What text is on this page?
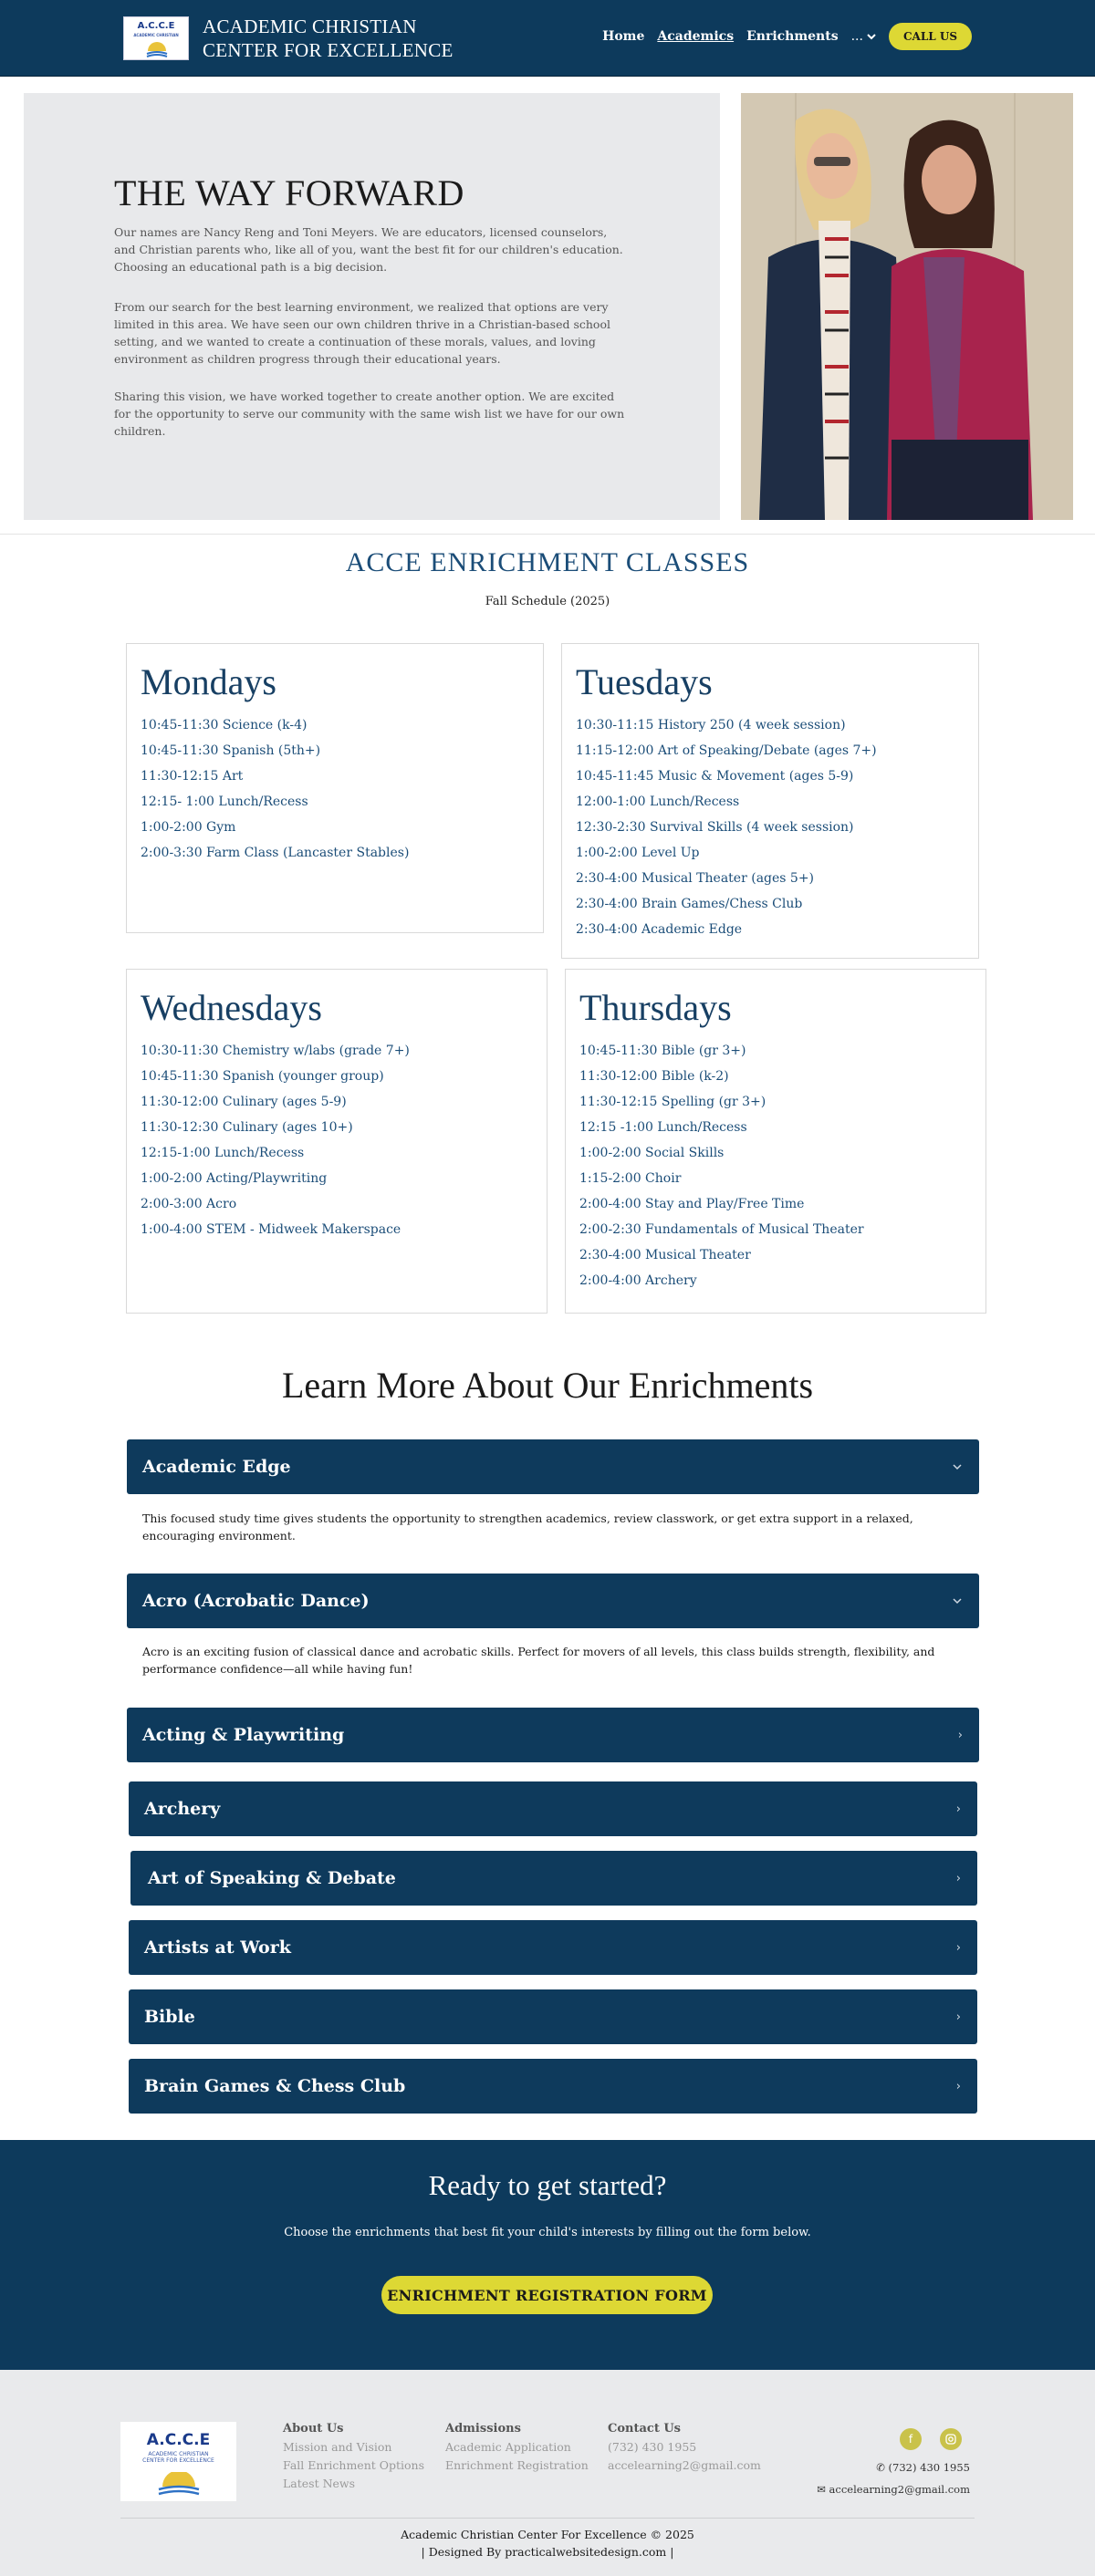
A.C.C.E
ACADEMIC CHRISTIAN	ACADEMIC CHRISTIAN
CENTER FOR EXCELLENCE
Home Academics Enrichments ...	CALL US
THE WAY FORWARD

Our names are Nancy Reng and Toni Meyers. We are educators, licensed counselors, and Christian parents who, like all of you, want the best fit for our children's education. Choosing an educational path is a big decision.

From our search for the best learning environment, we realized that options are very limited in this area. We have seen our own children thrive in a Christian-based school setting, and we wanted to create a continuation of these morals, values, and loving environment as children progress through their educational years.

Sharing this vision, we have worked together to create another option. We are excited for the opportunity to serve our community with the same wish list we have for our own children.

ACCE ENRICHMENT CLASSES
Fall Schedule (2025)
Mondays
10:45-11:30 Science (k-4)
10:45-11:30 Spanish (5th+)
11:30-12:15 Art
12:15- 1:00 Lunch/Recess
1:00-2:00 Gym
2:00-3:30 Farm Class (Lancaster Stables)
Tuesdays
10:30-11:15 History 250 (4 week session)
11:15-12:00 Art of Speaking/Debate (ages 7+)
10:45-11:45 Music & Movement (ages 5-9)
12:00-1:00 Lunch/Recess
12:30-2:30 Survival Skills (4 week session)
1:00-2:00 Level Up
2:30-4:00 Musical Theater (ages 5+)
2:30-4:00 Brain Games/Chess Club
2:30-4:00 Academic Edge
Wednesdays
10:30-11:30 Chemistry w/labs (grade 7+)
10:45-11:30 Spanish (younger group)
11:30-12:00 Culinary (ages 5-9)
11:30-12:30 Culinary (ages 10+)
12:15-1:00 Lunch/Recess
1:00-2:00 Acting/Playwriting
2:00-3:00 Acro
1:00-4:00 STEM - Midweek Makerspace
Thursdays
10:45-11:30 Bible (gr 3+)
11:30-12:00 Bible (k-2)
11:30-12:15 Spelling (gr 3+)
12:15 -1:00 Lunch/Recess
1:00-2:00 Social Skills
1:15-2:00 Choir
2:00-4:00 Stay and Play/Free Time
2:00-2:30 Fundamentals of Musical Theater
2:30-4:00 Musical Theater
2:00-4:00 Archery
Learn More About Our Enrichments
Academic Edge

This focused study time gives students the opportunity to strengthen academics, review classwork, or get extra support in a relaxed, encouraging environment.

Acro (Acrobatic Dance)

Acro is an exciting fusion of classical dance and acrobatic skills. Perfect for movers of all levels, this class builds strength, flexibility, and performance confidence—all while having fun!

Acting & Playwriting	›
Archery	›
Art of Speaking & Debate	›
Artists at Work	›
Bible	›
Brain Games & Chess Club	›
Ready to get started?
Choose the enrichments that best fit your child's interests by filling out the form below.
ENRICHMENT REGISTRATION FORM
A.C.C.E
ACADEMIC CHRISTIAN CENTER FOR EXCELLENCE
About Us
Mission and Vision
Fall Enrichment Options
Latest News
Admissions
Academic Application
Enrichment Registration
Contact Us
(732) 430 1955
accelearning2@gmail.com
f
✆ (732) 430 1955
✉ accelearning2@gmail.com
Academic Christian Center For Excellence © 2025
| Designed By practicalwebsitedesign.com |
